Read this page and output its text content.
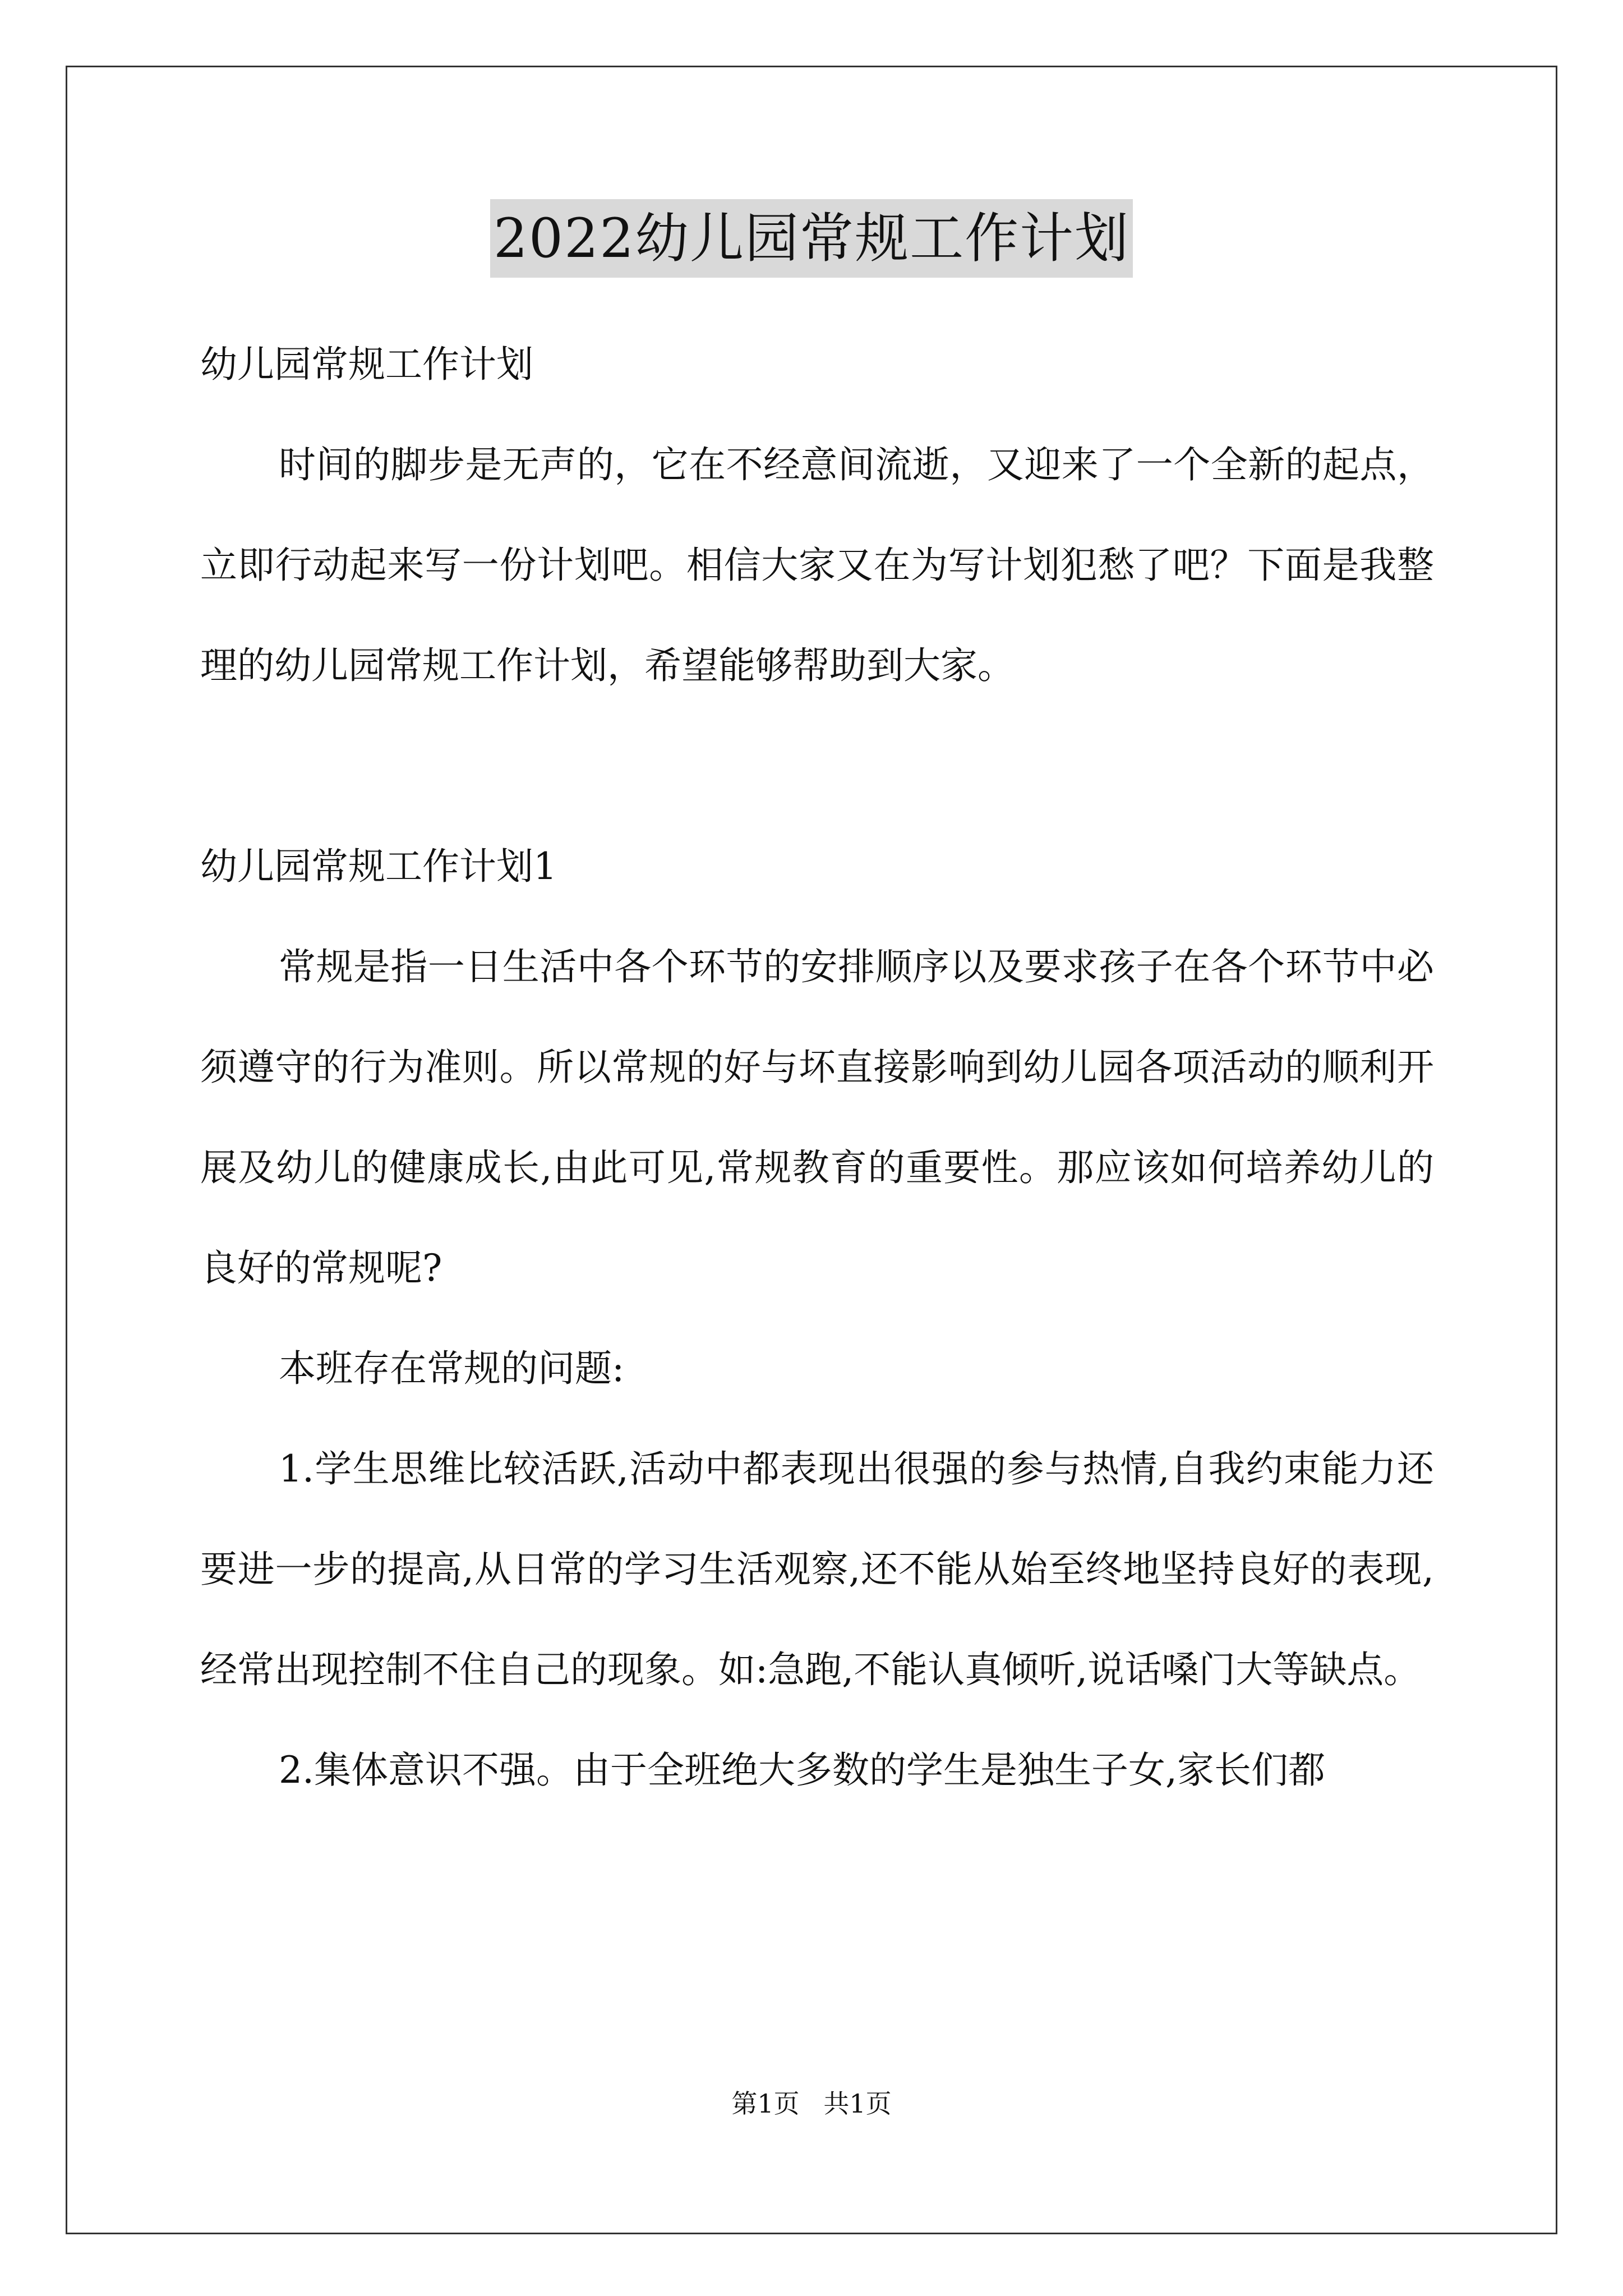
2022幼儿园常规工作计划

幼儿园常规工作计划

时间的脚步是无声的，它在不经意间流逝，又迎来了一个全新的起点，立即行动起来写一份计划吧。相信大家又在为写计划犯愁了吧？下面是我整理的幼儿园常规工作计划，希望能够帮助到大家。

幼儿园常规工作计划1

常规是指一日生活中各个环节的安排顺序以及要求孩子在各个环节中必须遵守的行为准则。所以常规的好与坏直接影响到幼儿园各项活动的顺利开展及幼儿的健康成长,由此可见,常规教育的重要性。那应该如何培养幼儿的良好的常规呢?

本班存在常规的问题:

1.学生思维比较活跃,活动中都表现出很强的参与热情,自我约束能力还要进一步的提高,从日常的学习生活观察,还不能从始至终地坚持良好的表现,经常出现控制不住自己的现象。如:急跑,不能认真倾听,说话嗓门大等缺点。

2.集体意识不强。由于全班绝大多数的学生是独生子女,家长们都

第1页 共1页
